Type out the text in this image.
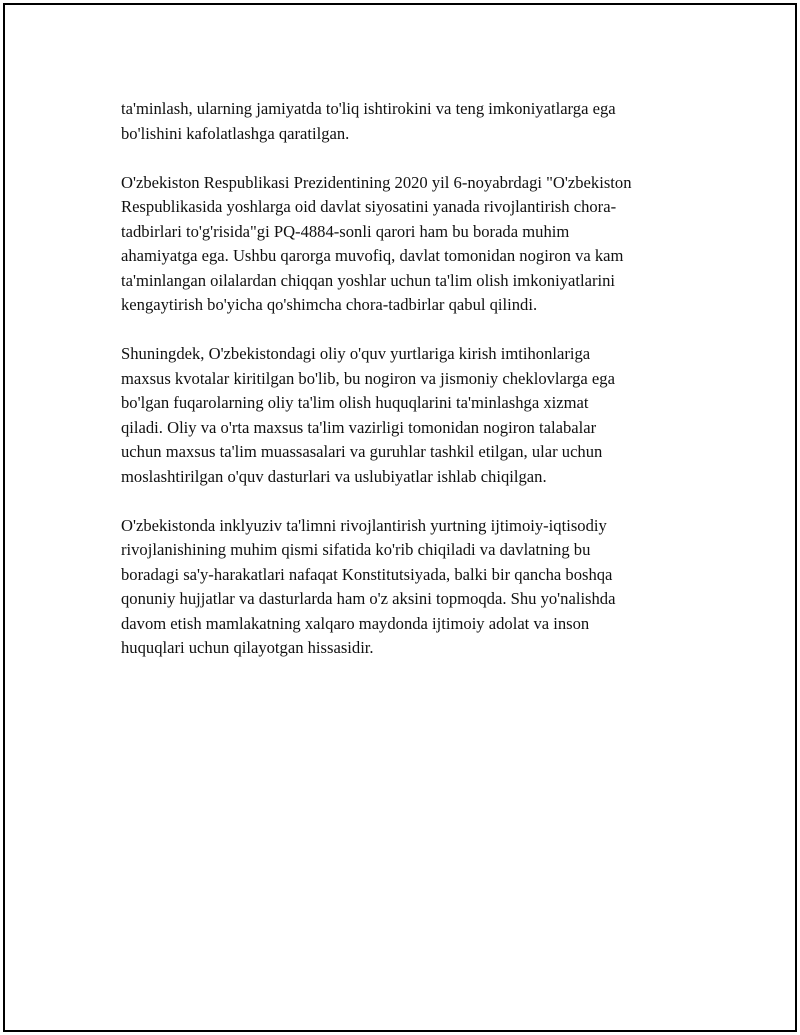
ta'minlash, ularning jamiyatda to'liq ishtirokini va teng imkoniyatlarga ega
bo'lishini kafolatlashga qaratilgan.

O'zbekiston Respublikasi Prezidentining 2020 yil 6-noyabrdagi "O'zbekiston
Respublikasida yoshlarga oid davlat siyosatini yanada rivojlantirish chora-
tadbirlari to'g'risida"gi PQ-4884-sonli qarori ham bu borada muhim
ahamiyatga ega. Ushbu qarorga muvofiq, davlat tomonidan nogiron va kam
ta'minlangan oilalardan chiqqan yoshlar uchun ta'lim olish imkoniyatlarini
kengaytirish bo'yicha qo'shimcha chora-tadbirlar qabul qilindi.

Shuningdek, O'zbekistondagi oliy o'quv yurtlariga kirish imtihonlariga
maxsus kvotalar kiritilgan bo'lib, bu nogiron va jismoniy cheklovlarga ega
bo'lgan fuqarolarning oliy ta'lim olish huquqlarini ta'minlashga xizmat
qiladi. Oliy va o'rta maxsus ta'lim vazirligi tomonidan nogiron talabalar
uchun maxsus ta'lim muassasalari va guruhlar tashkil etilgan, ular uchun
moslashtirilgan o'quv dasturlari va uslubiyatlar ishlab chiqilgan.

O'zbekistonda inklyuziv ta'limni rivojlantirish yurtning ijtimoiy-iqtisodiy
rivojlanishining muhim qismi sifatida ko'rib chiqiladi va davlatning bu
boradagi sa'y-harakatlari nafaqat Konstitutsiyada, balki bir qancha boshqa
qonuniy hujjatlar va dasturlarda ham o'z aksini topmoqda. Shu yo'nalishda
davom etish mamlakatning xalqaro maydonda ijtimoiy adolat va inson
huquqlari uchun qilayotgan hissasidir.
